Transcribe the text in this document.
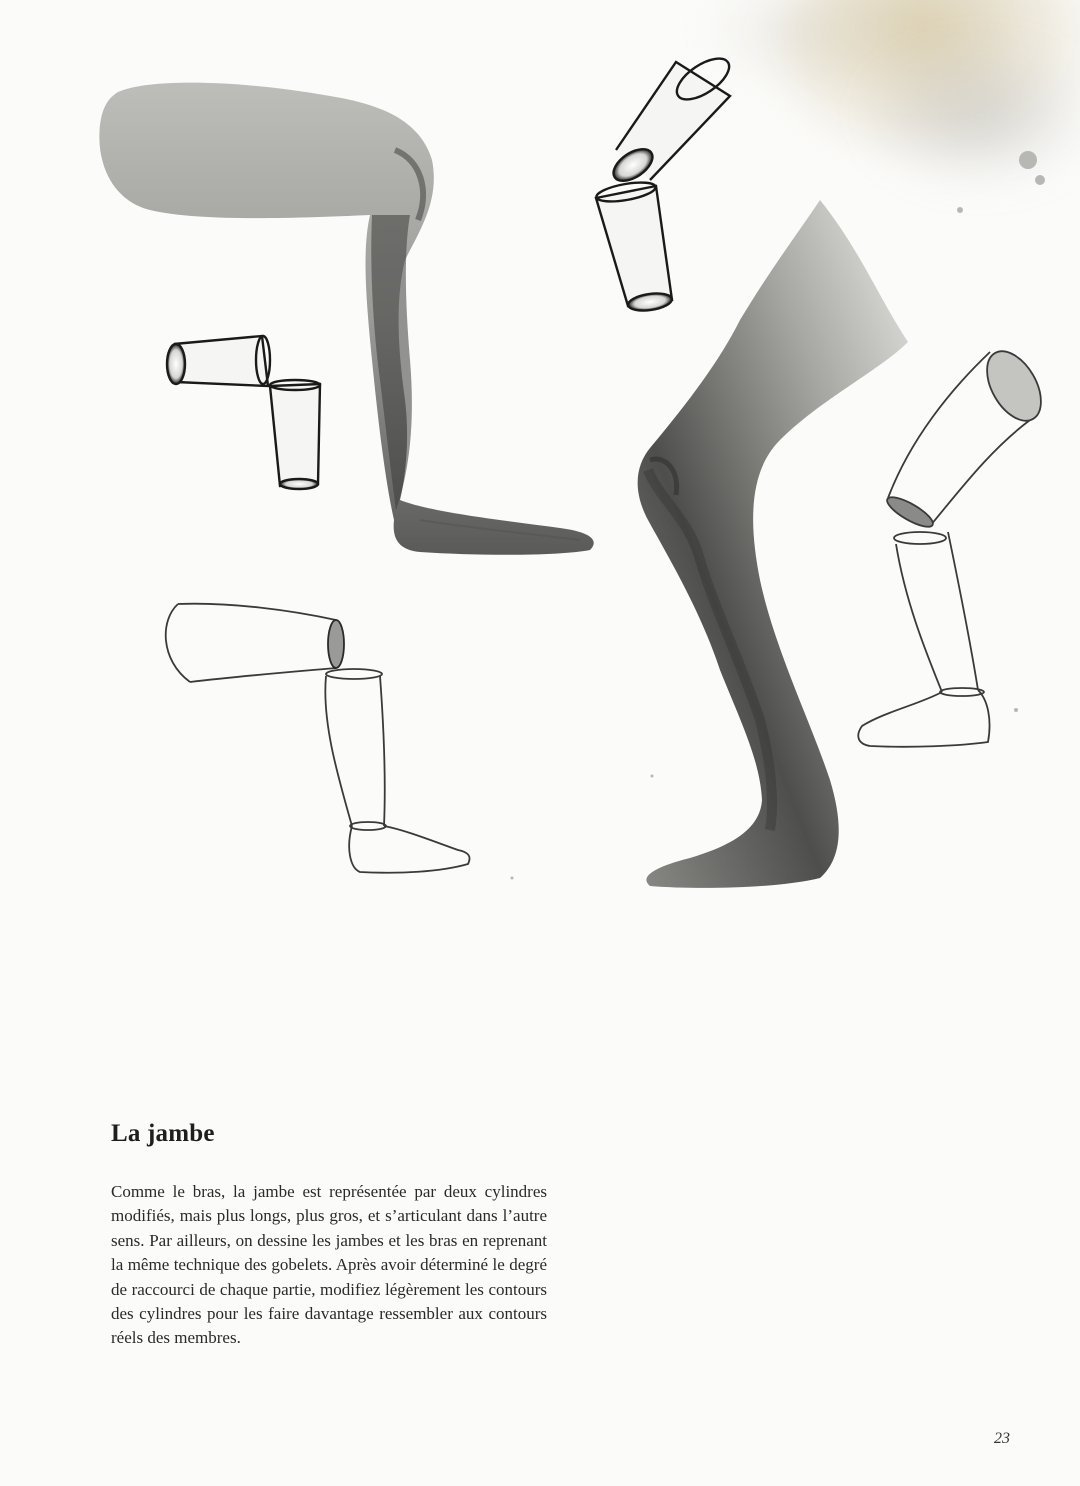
La jambe

Comme le bras, la jambe est représentée par deux cylindres modifiés, mais plus longs, plus gros, et s’articulant dans l’autre sens. Par ailleurs, on dessine les jambes et les bras en reprenant la même technique des gobelets. Après avoir déterminé le degré de raccourci de chaque partie, modifiez légèrement les contours des cylindres pour les faire davantage ressembler aux contours réels des membres.

23
